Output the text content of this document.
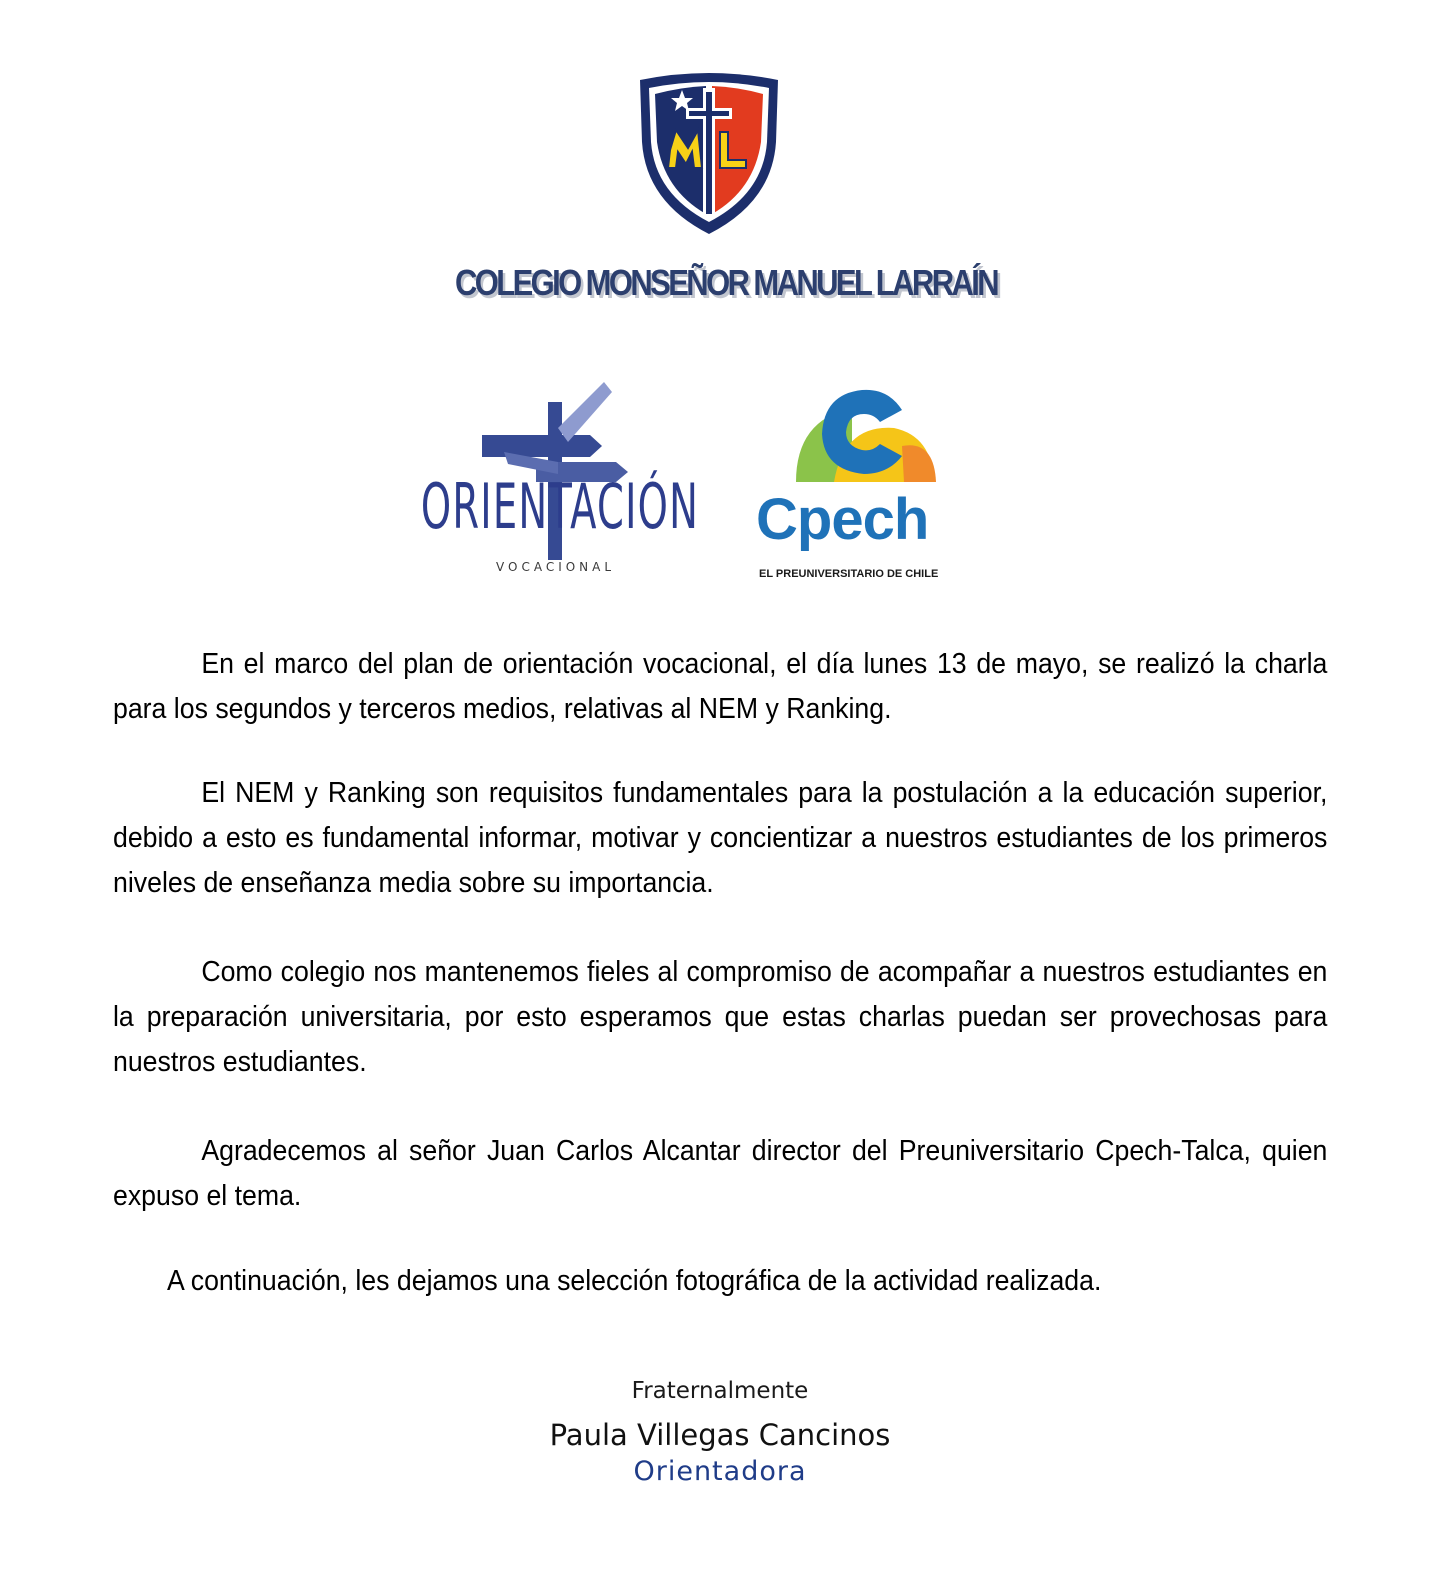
COLEGIO MONSEÑOR MANUEL LARRAÍN
ORIENTACIÓN
VOCACIONAL
Cpech
EL PREUNIVERSITARIO DE CHILE

En el marco del plan de orientación vocacional, el día lunes 13 de mayo, se realizó la charla para los segundos y terceros medios, relativas al NEM y Ranking.

El NEM y Ranking son requisitos fundamentales para la postulación a la educación superior, debido a esto es fundamental informar, motivar y concientizar a nuestros estudiantes de los primeros niveles de enseñanza media sobre su importancia.

Como colegio nos mantenemos fieles al compromiso de acompañar a nuestros estudiantes en la preparación universitaria, por esto esperamos que estas charlas puedan ser provechosas para nuestros estudiantes.

Agradecemos al señor Juan Carlos Alcantar director del Preuniversitario Cpech-Talca, quien expuso el tema.

A continuación, les dejamos una selección fotográfica de la actividad realizada.
Fraternalmente
Paula Villegas Cancinos
Orientadora
